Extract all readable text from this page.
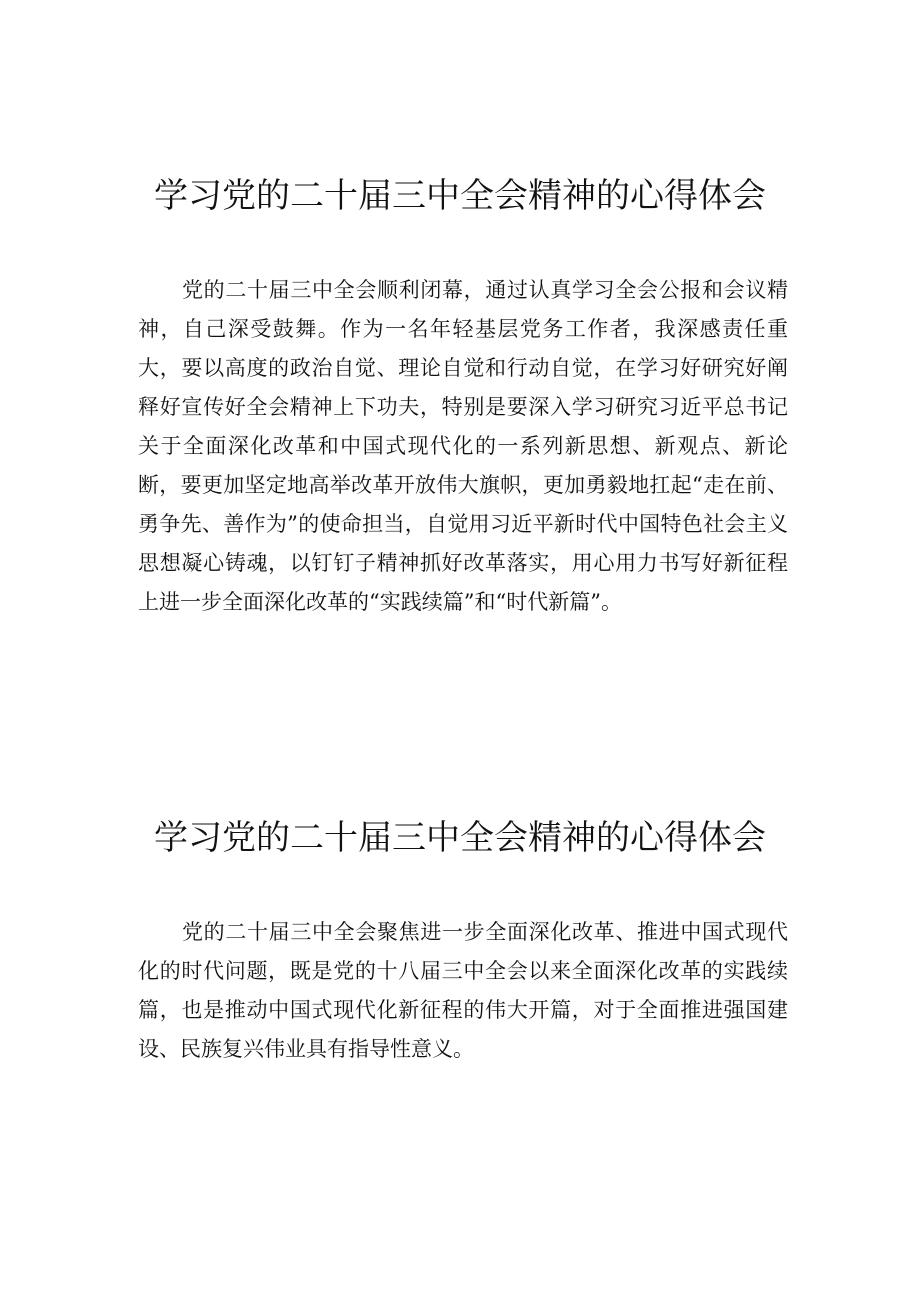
学习党的二十届三中全会精神的心得体会

党的二十届三中全会顺利闭幕，通过认真学习全会公报和会议精神，自己深受鼓舞。作为一名年轻基层党务工作者，我深感责任重大，要以高度的政治自觉、理论自觉和行动自觉，在学习好研究好阐释好宣传好全会精神上下功夫，特别是要深入学习研究习近平总书记关于全面深化改革和中国式现代化的一系列新思想、新观点、新论断，要更加坚定地高举改革开放伟大旗帜，更加勇毅地扛起“走在前、勇争先、善作为”的使命担当，自觉用习近平新时代中国特色社会主义思想凝心铸魂，以钉钉子精神抓好改革落实，用心用力书写好新征程上进一步全面深化改革的“实践续篇”和“时代新篇”。

学习党的二十届三中全会精神的心得体会

党的二十届三中全会聚焦进一步全面深化改革、推进中国式现代化的时代问题，既是党的十八届三中全会以来全面深化改革的实践续篇，也是推动中国式现代化新征程的伟大开篇，对于全面推进强国建设、民族复兴伟业具有指导性意义。
